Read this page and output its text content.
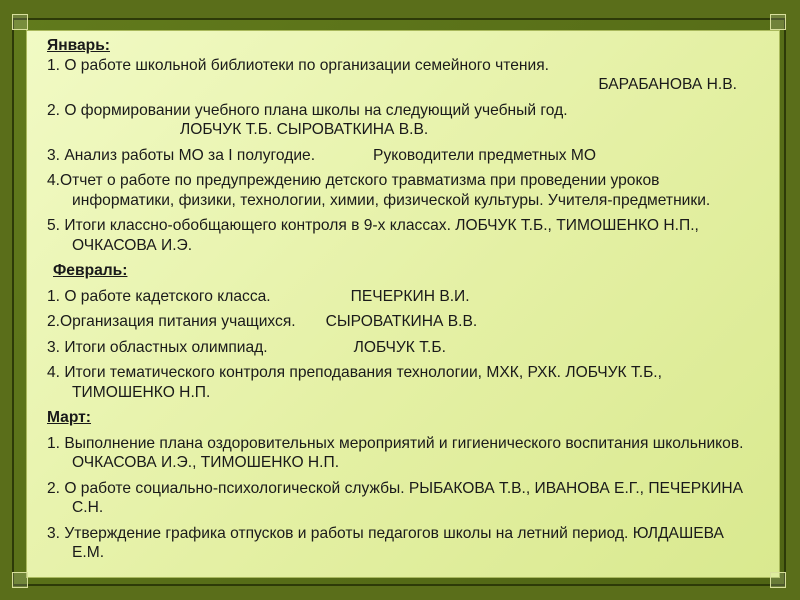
Январь:

1. О работе школьной библиотеки по организации семейного чтения.

БАРАБАНОВА Н.В.

2. О формировании учебного плана школы на следующий учебный год.

ЛОБЧУК Т.Б. СЫРОВАТКИНА В.В.

3. Анализ работы МО за I полугодие.	Руководители предметных МО

4.Отчет о работе по предупреждению детского травматизма при проведении уроков информатики, физики, технологии, химии, физической культуры. Учителя-предметники.

5. Итоги классно-обобщающего контроля в 9-х классах. ЛОБЧУК Т.Б., ТИМОШЕНКО Н.П., ОЧКАСОВА И.Э.

Февраль:

1. О работе кадетского класса.	ПЕЧЕРКИН В.И.

2.Организация питания учащихся. СЫРОВАТКИНА В.В.

3. Итоги областных олимпиад.	ЛОБЧУК Т.Б.

4. Итоги тематического контроля преподавания технологии, МХК, РХК. ЛОБЧУК Т.Б., ТИМОШЕНКО Н.П.

Март:

1. Выполнение плана оздоровительных мероприятий и гигиенического воспитания школьников. ОЧКАСОВА И.Э., ТИМОШЕНКО Н.П.

2. О работе социально-психологической службы. РЫБАКОВА Т.В., ИВАНОВА Е.Г., ПЕЧЕРКИНА С.Н.

3. Утверждение графика отпусков и работы педагогов школы на летний период. ЮЛДАШЕВА Е.М.
